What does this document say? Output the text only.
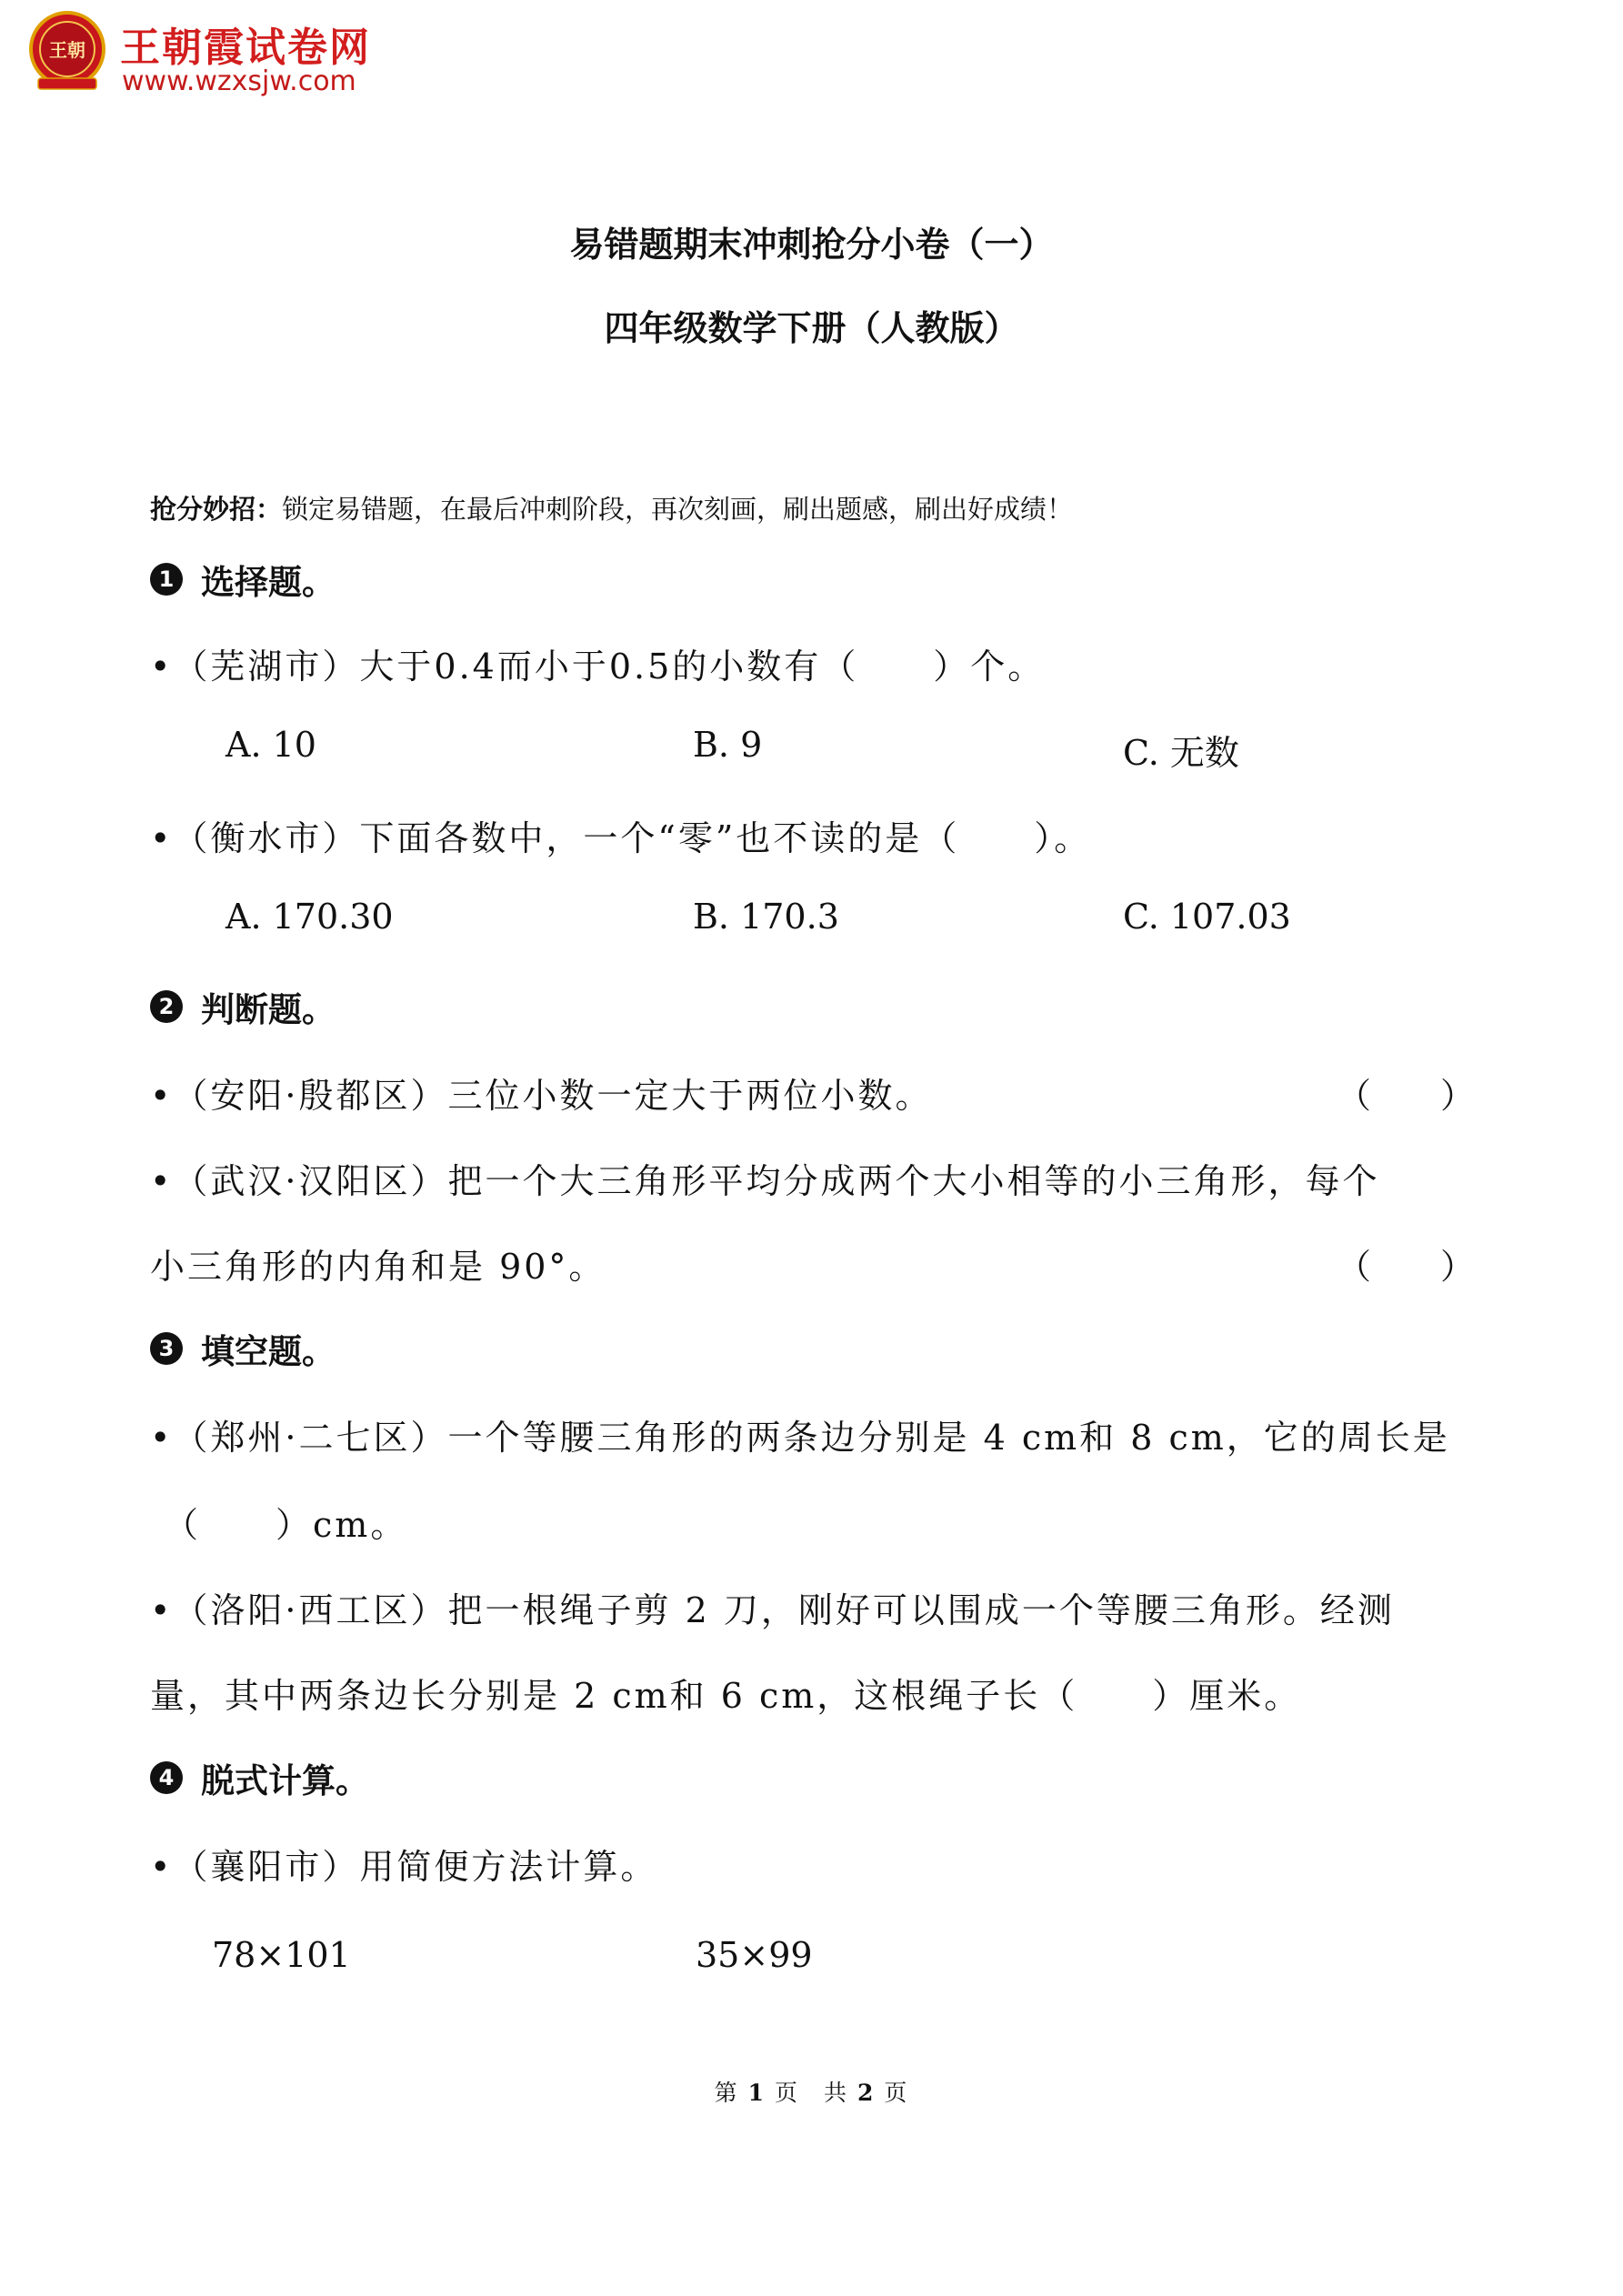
王朝 王朝霞试卷网
www.wzxsjw.com
易错题期末冲刺抢分小卷（一）
四年级数学下册（人教版）
抢分妙招：锁定易错题，在最后冲刺阶段，再次刻画，刷出题感，刷出好成绩！
1 选择题。
•（芜湖市）大于0.4而小于0.5的小数有（　　）个。
A. 10	B. 9	C. 无数
•（衡水市）下面各数中，一个“零”也不读的是（　　）。
A. 170.30	B. 170.3	C. 107.03
2 判断题。
•（安阳·殷都区）三位小数一定大于两位小数。	（　　）
•（武汉·汉阳区）把一个大三角形平均分成两个大小相等的小三角形，每个
小三角形的内角和是 90°。	（　　）
3 填空题。
•（郑州·二七区）一个等腰三角形的两条边分别是 4 cm和 8 cm，它的周长是
（　　）cm。
•（洛阳·西工区）把一根绳子剪 2 刀，刚好可以围成一个等腰三角形。经测
量，其中两条边长分别是 2 cm和 6 cm，这根绳子长（　　）厘米。
4 脱式计算。
•（襄阳市）用简便方法计算。
78×101	35×99
第 1 页　共 2 页
